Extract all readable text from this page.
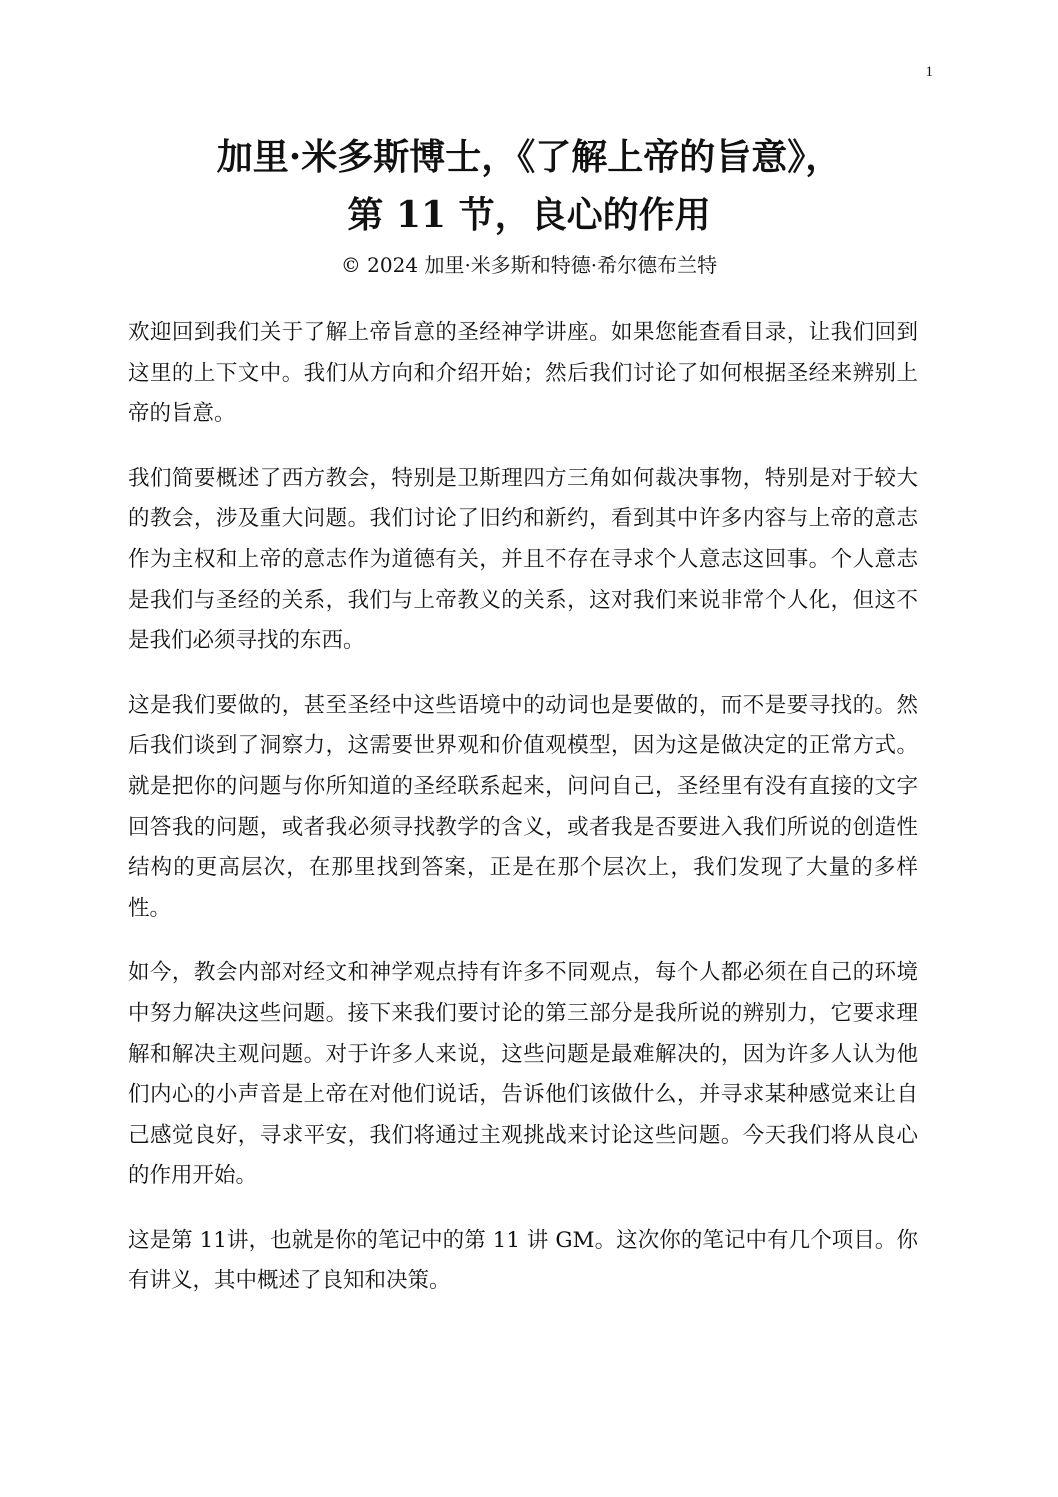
1

加里·米多斯博士，《了解上帝的旨意》，

第 11 节，良心的作用

© 2024 加里·米多斯和特德·希尔德布兰特

欢迎回到我们关于了解上帝旨意的圣经神学讲座。如果您能查看目录，让我们回到这里的上下文中。我们从方向和介绍开始；然后我们讨论了如何根据圣经来辨别上帝的旨意。

我们简要概述了西方教会，特别是卫斯理四方三角如何裁决事物，特别是对于较大的教会，涉及重大问题。我们讨论了旧约和新约，看到其中许多内容与上帝的意志作为主权和上帝的意志作为道德有关，并且不存在寻求个人意志这回事。个人意志是我们与圣经的关系，我们与上帝教义的关系，这对我们来说非常个人化，但这不是我们必须寻找的东西。

这是我们要做的，甚至圣经中这些语境中的动词也是要做的，而不是要寻找的。然后我们谈到了洞察力，这需要世界观和价值观模型，因为这是做决定的正常方式。就是把你的问题与你所知道的圣经联系起来，问问自己，圣经里有没有直接的文字回答我的问题，或者我必须寻找教学的含义，或者我是否要进入我们所说的创造性结构的更高层次，在那里找到答案，正是在那个层次上，我们发现了大量的多样性。

如今，教会内部对经文和神学观点持有许多不同观点，每个人都必须在自己的环境中努力解决这些问题。接下来我们要讨论的第三部分是我所说的辨别力，它要求理解和解决主观问题。对于许多人来说，这些问题是最难解决的，因为许多人认为他们内心的小声音是上帝在对他们说话，告诉他们该做什么，并寻求某种感觉来让自己感觉良好，寻求平安，我们将通过主观挑战来讨论这些问题。今天我们将从良心的作用开始。

这是第 11讲，也就是你的笔记中的第 11 讲 GM。这次你的笔记中有几个项目。你有讲义，其中概述了良知和决策。
